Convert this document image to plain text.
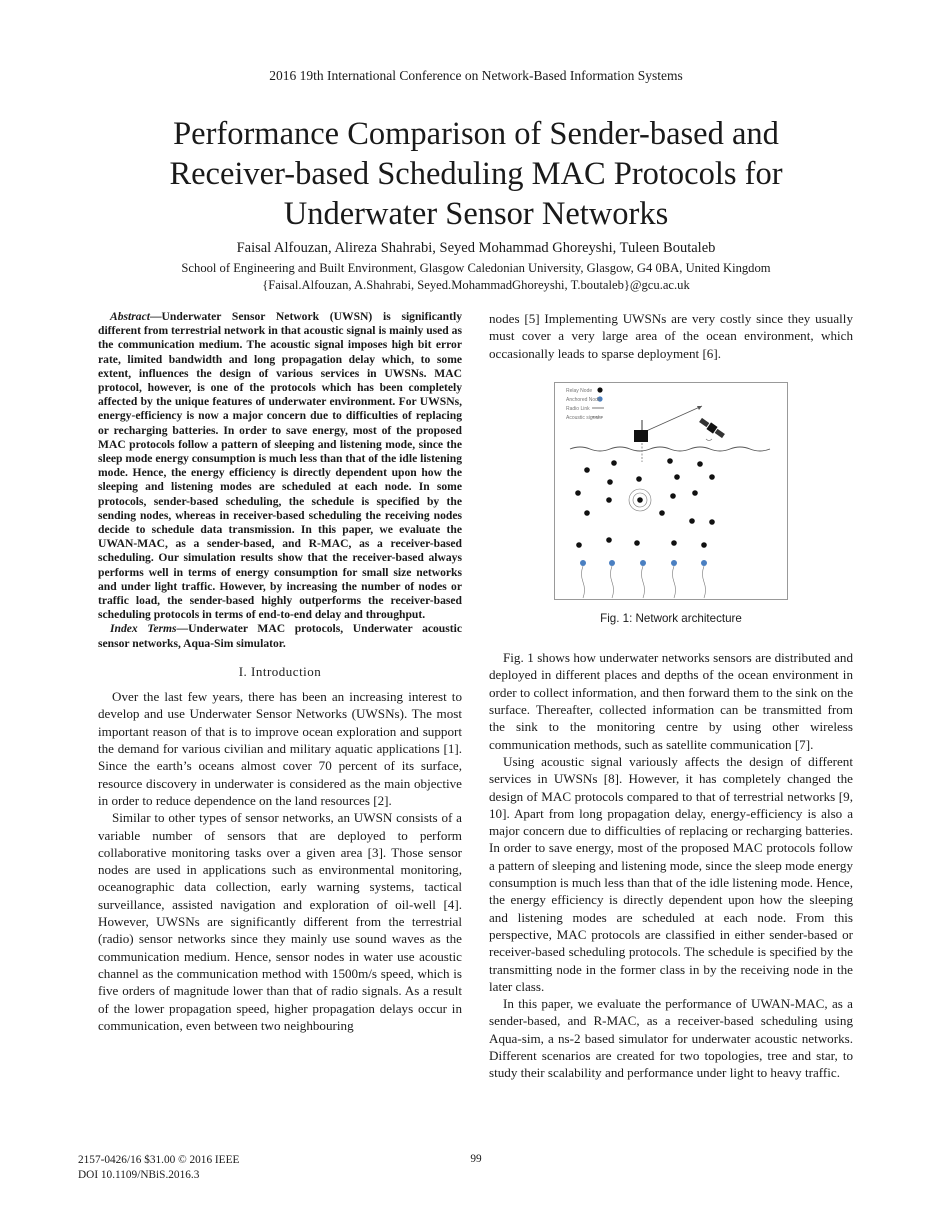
2016 19th International Conference on Network-Based Information Systems
Performance Comparison of Sender-based and
Receiver-based Scheduling MAC Protocols for
Underwater Sensor Networks
Faisal Alfouzan, Alireza Shahrabi, Seyed Mohammad Ghoreyshi, Tuleen Boutaleb
School of Engineering and Built Environment, Glasgow Caledonian University, Glasgow, G4 0BA, United Kingdom
{Faisal.Alfouzan, A.Shahrabi, Seyed.MohammadGhoreyshi, T.boutaleb}@gcu.ac.uk

Abstract—Underwater Sensor Network (UWSN) is significantly different from terrestrial network in that acoustic signal is mainly used as the communication medium. The acoustic signal imposes high bit error rate, limited bandwidth and long propagation delay which, to some extent, influences the design of various services in UWSNs. MAC protocol, however, is one of the protocols which has been completely affected by the unique features of underwater environment. For UWSNs, energy-efficiency is now a major concern due to difficulties of replacing or recharging batteries. In order to save energy, most of the proposed MAC protocols follow a pattern of sleeping and listening mode, since the sleep mode energy consumption is much less than that of the idle listening mode. Hence, the energy efficiency is directly dependent upon how the sleeping and listening modes are scheduled at each node. In some protocols, sender-based scheduling, the schedule is specified by the sending nodes, whereas in receiver-based scheduling the receiving nodes decide to schedule data transmission. In this paper, we evaluate the UWAN-MAC, as a sender-based, and R-MAC, as a receiver-based scheduling. Our simulation results show that the receiver-based always performs well in terms of energy consumption for small size networks and under light traffic. However, by increasing the number of nodes or traffic load, the sender-based highly outperforms the receiver-based scheduling protocols in terms of end-to-end delay and throughput.

Index Terms—Underwater MAC protocols, Underwater acoustic sensor networks, Aqua-Sim simulator.

I. Introduction

Over the last few years, there has been an increasing interest to develop and use Underwater Sensor Networks (UWSNs). The most important reason of that is to improve ocean exploration and support the demand for various civilian and military aquatic applications [1]. Since the earth’s oceans almost cover 70 percent of its surface, resource discovery in underwater is considered as the main objective in order to reduce dependence on the land resources [2].

Similar to other types of sensor networks, an UWSN consists of a variable number of sensors that are deployed to perform collaborative monitoring tasks over a given area [3]. Those sensor nodes are used in applications such as environmental monitoring, oceanographic data collection, early warning systems, tactical surveillance, assisted navigation and exploration of oil-well [4]. However, UWSNs are significantly different from the terrestrial (radio) sensor networks since they mainly use sound waves as the communication medium. Hence, sensor nodes in water use acoustic channel as the communication method with 1500m/s speed, which is five orders of magnitude lower than that of radio signals. As a result of the lower propagation speed, higher propagation delays occur in communication, even between two neighbouring

nodes [5] Implementing UWSNs are very costly since they usually must cover a very large area of the ocean environment, which occasionally leads to sparse deployment [6].

Relay Node
Anchored Node
Radio Link
Acoustic signals
Fig. 1: Network architecture

Fig. 1 shows how underwater networks sensors are distributed and deployed in different places and depths of the ocean environment in order to collect information, and then forward them to the sink on the surface. Thereafter, collected information can be transmitted from the sink to the monitoring centre by using other wireless communication methods, such as satellite communication [7].

Using acoustic signal variously affects the design of different services in UWSNs [8]. However, it has completely changed the design of MAC protocols compared to that of terrestrial networks [9, 10]. Apart from long propagation delay, energy-efficiency is also a major concern due to difficulties of replacing or recharging batteries. In order to save energy, most of the proposed MAC protocols follow a pattern of sleeping and listening mode, since the sleep mode energy consumption is much less than that of the idle listening mode. Hence, the energy efficiency is directly dependent upon how the sleeping and listening modes are scheduled at each node. From this perspective, MAC protocols are classified in either sender-based or receiver-based scheduling protocols. The schedule is specified by the transmitting node in the former class in by the receiving node in the later class.

In this paper, we evaluate the performance of UWAN-MAC, as a sender-based, and R-MAC, as a receiver-based scheduling using Aqua-sim, a ns-2 based simulator for underwater acoustic networks. Different scenarios are created for two topologies, tree and star, to study their scalability and performance under light to heavy traffic.

2157-0426/16 $31.00 © 2016 IEEE
DOI 10.1109/NBiS.2016.3
99
